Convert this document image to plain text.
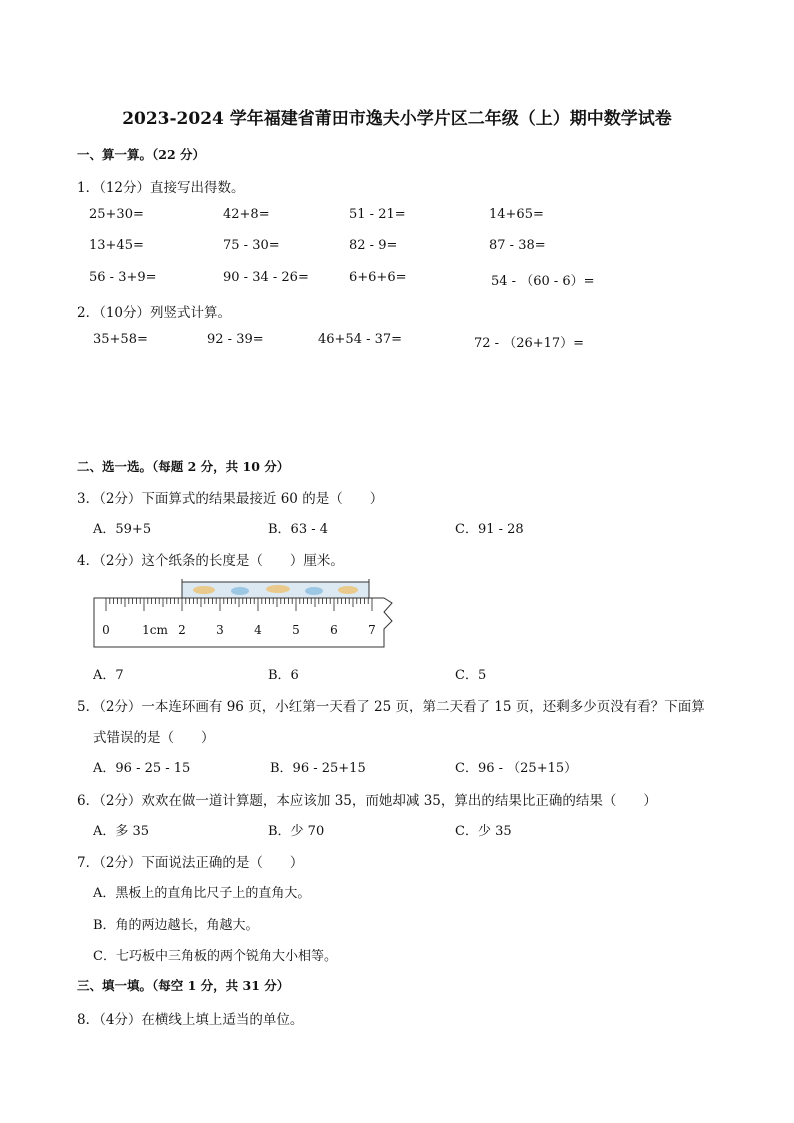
2023-2024 学年福建省莆田市逸夫小学片区二年级（上）期中数学试卷
一、算一算。（22 分）
1．（12分）直接写出得数。
25+30=	42+8=	51 - 21=	14+65=
13+45=	75 - 30=	82 - 9=	87 - 38=
56 - 3+9=	90 - 34 - 26=	6+6+6=	54 - （60 - 6）=
2．（10分）列竖式计算。
35+58=	92 - 39=	46+54 - 37=	72 - （26+17）=
二、选一选。（每题 2 分，共 10 分）
3．（2分）下面算式的结果最接近 60 的是（　　）
A．59+5	B．63 - 4	C．91 - 28
4．（2分）这个纸条的长度是（　　）厘米。
0	1cm 2	3	4	5	6	7
A．7	B．6	C．5
5．（2分）一本连环画有 96 页，小红第一天看了 25 页，第二天看了 15 页，还剩多少页没有看？下面算
式错误的是（　　）
A．96 - 25 - 15	B．96 - 25+15	C．96 - （25+15）
6．（2分）欢欢在做一道计算题，本应该加 35，而她却减 35，算出的结果比正确的结果（　　）
A．多 35	B．少 70	C．少 35
7．（2分）下面说法正确的是（　　）
A．黑板上的直角比尺子上的直角大。
B．角的两边越长，角越大。
C．七巧板中三角板的两个锐角大小相等。
三、填一填。（每空 1 分，共 31 分）
8．（4分）在横线上填上适当的单位。
